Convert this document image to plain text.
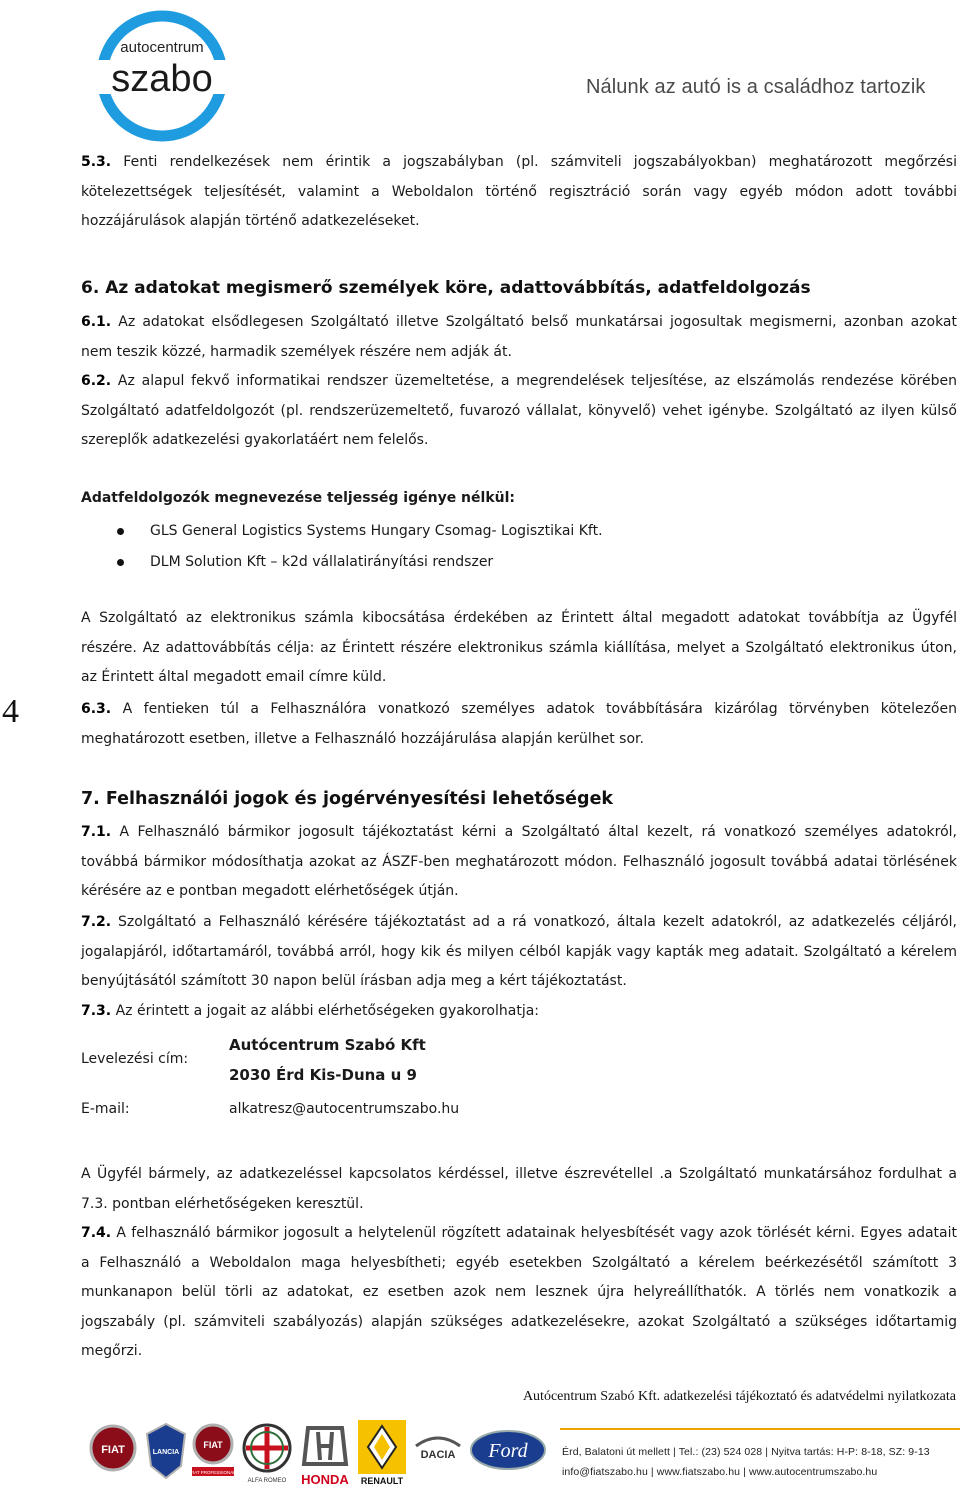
autocentrum
szabo	Nálunk az autó is a családhoz tartozik

5.3. Fenti rendelkezések nem érintik a jogszabályban (pl. számviteli jogszabályokban) meghatározott megőrzési kötelezettségek teljesítését, valamint a Weboldalon történő regisztráció során vagy egyéb módon adott további hozzájárulások alapján történő adatkezeléseket.

6. Az adatokat megismerő személyek köre, adattovábbítás, adatfeldolgozás

6.1. Az adatokat elsődlegesen Szolgáltató illetve Szolgáltató belső munkatársai jogosultak megismerni, azonban azokat nem teszik közzé, harmadik személyek részére nem adják át.

6.2. Az alapul fekvő informatikai rendszer üzemeltetése, a megrendelések teljesítése, az elszámolás rendezése körében Szolgáltató adatfeldolgozót (pl. rendszerüzemeltető, fuvarozó vállalat, könyvelő) vehet igénybe. Szolgáltató az ilyen külső szereplők adatkezelési gyakorlatáért nem felelős.

Adatfeldolgozók megnevezése teljesség igénye nélkül:

GLS General Logistics Systems Hungary Csomag- Logisztikai Kft.
DLM Solution Kft – k2d vállalatirányítási rendszer

A Szolgáltató az elektronikus számla kibocsátása érdekében az Érintett által megadott adatokat továbbítja az Ügyfél részére. Az adattovábbítás célja: az Érintett részére elektronikus számla kiállítása, melyet a Szolgáltató elektronikus úton, az Érintett által megadott email címre küld.

4	6.3. A fentieken túl a Felhasználóra vonatkozó személyes adatok továbbítására kizárólag törvényben kötelezően meghatározott esetben, illetve a Felhasználó hozzájárulása alapján kerülhet sor.

7. Felhasználói jogok és jogérvényesítési lehetőségek

7.1. A Felhasználó bármikor jogosult tájékoztatást kérni a Szolgáltató által kezelt, rá vonatkozó személyes adatokról, továbbá bármikor módosíthatja azokat az ÁSZF-ben meghatározott módon. Felhasználó jogosult továbbá adatai törlésének kérésére az e pontban megadott elérhetőségek útján.

7.2. Szolgáltató a Felhasználó kérésére tájékoztatást ad a rá vonatkozó, általa kezelt adatokról, az adatkezelés céljáról, jogalapjáról, időtartamáról, továbbá arról, hogy kik és milyen célból kapják vagy kapták meg adatait. Szolgáltató a kérelem benyújtásától számított 30 napon belül írásban adja meg a kért tájékoztatást.

7.3. Az érintett a jogait az alábbi elérhetőségeken gyakorolhatja:

Levelezési cím:
Autócentrum Szabó Kft
2030 Érd Kis-Duna u 9
E-mail:	alkatresz@autocentrumszabo.hu

A Ügyfél bármely, az adatkezeléssel kapcsolatos kérdéssel, illetve észrevétellel .a Szolgáltató munkatársához fordulhat a 7.3. pontban elérhetőségeken keresztül.

7.4. A felhasználó bármikor jogosult a helytelenül rögzített adatainak helyesbítését vagy azok törlését kérni. Egyes adatait a Felhasználó a Weboldalon maga helyesbítheti; egyéb esetekben Szolgáltató a kérelem beérkezésétől számított 3 munkanapon belül törli az adatokat, ez esetben azok nem lesznek újra helyreállíthatók. A törlés nem vonatkozik a jogszabály (pl. számviteli szabályozás) alapján szükséges adatkezelésekre, azokat Szolgáltató a szükséges időtartamig megőrzi.

Autócentrum Szabó Kft. adatkezelési tájékoztató és adatvédelmi nyilatkozata
FIAT	LANCIA
FIAT
FIAT PROFESSIONAL
ALFA ROMEO HONDA RENAULT
DACIA Ford	Érd, Balatoni út mellett | Tel.: (23) 524 028 | Nyitva tartás: H-P: 8-18, SZ: 9-13
info@fiatszabo.hu | www.fiatszabo.hu | www.autocentrumszabo.hu
